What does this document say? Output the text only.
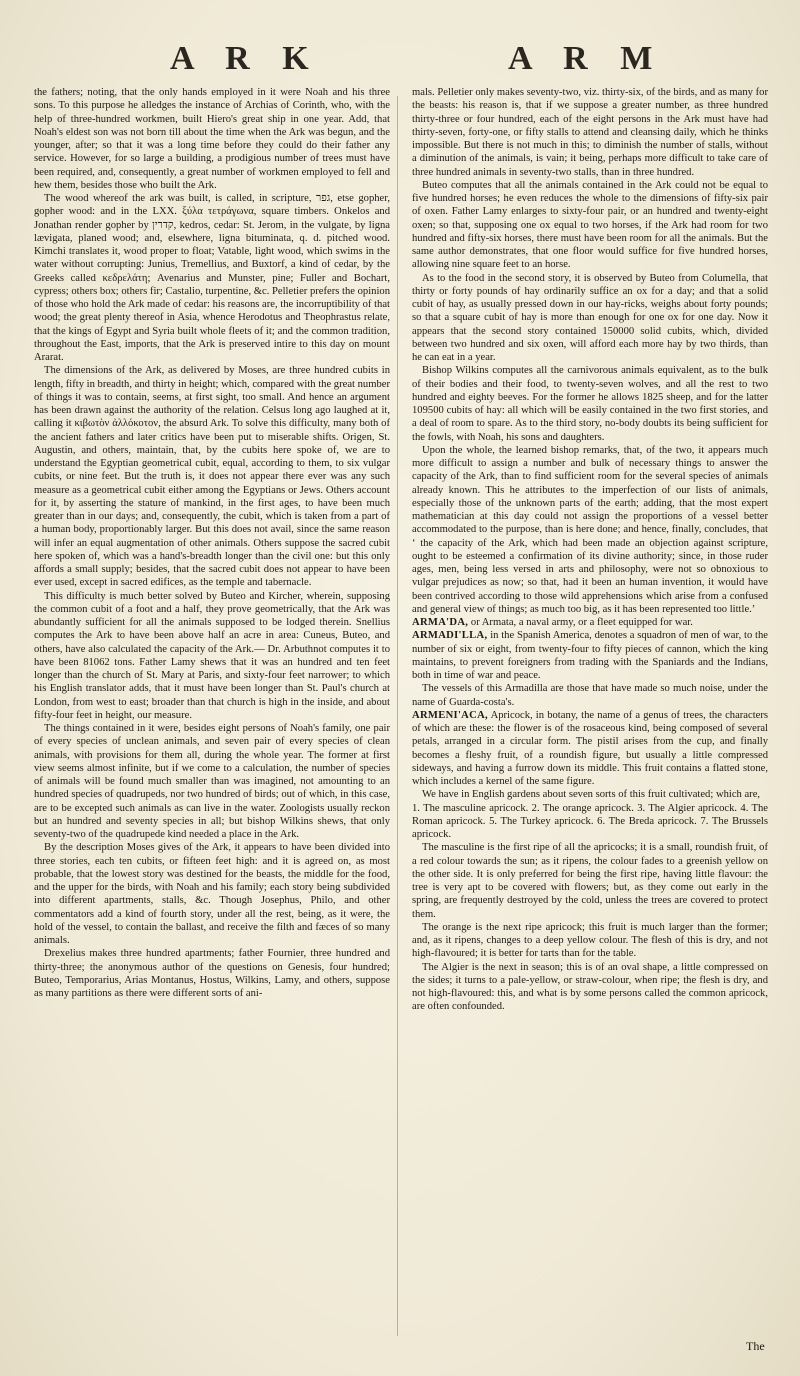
A R K	A R M

the fathers; noting, that the only hands employed in it were Noah and his three sons. To this purpose he alledges the instance of Archias of Corinth, who, with the help of three-hundred workmen, built Hiero's great ship in one year. Add, that Noah's eldest son was not born till about the time when the Ark was begun, and the younger, after; so that it was a long time before they could do their father any service. However, for so large a building, a prodigious number of trees must have been required, and, consequently, a great number of workmen employed to fell and hew them, besides those who built the Ark.

The wood whereof the ark was built, is called, in scripture, גפר, etse gopher, gopher wood: and in the LXX. ξύλα τετράγωνα, square timbers. Onkelos and Jonathan render gopher by קדרין, kedros, cedar: St. Jerom, in the vulgate, by ligna lævigata, planed wood; and, elsewhere, ligna bituminata, q. d. pitched wood. Kimchi translates it, wood proper to float; Vatable, light wood, which swims in the water without corrupting: Junius, Tremellius, and Buxtorf, a kind of cedar, by the Greeks called κεδρελάτη; Avenarius and Munster, pine; Fuller and Bochart, cypress; others box; others fir; Castalio, turpentine, &c. Pelletier prefers the opinion of those who hold the Ark made of cedar: his reasons are, the incorruptibility of that wood; the great plenty thereof in Asia, whence Herodotus and Theophrastus relate, that the kings of Egypt and Syria built whole fleets of it; and the common tradition, throughout the East, imports, that the Ark is preserved intire to this day on mount Ararat.

The dimensions of the Ark, as delivered by Moses, are three hundred cubits in length, fifty in breadth, and thirty in height; which, compared with the great number of things it was to contain, seems, at first sight, too small. And hence an argument has been drawn against the authority of the relation. Celsus long ago laughed at it, calling it κιβωτὸν ἀλλόκοτον, the absurd Ark. To solve this difficulty, many both of the ancient fathers and later critics have been put to miserable shifts. Origen, St. Augustin, and others, maintain, that, by the cubits here spoke of, we are to understand the Egyptian geometrical cubit, equal, according to them, to six vulgar cubits, or nine feet. But the truth is, it does not appear there ever was any such measure as a geometrical cubit either among the Egyptians or Jews. Others account for it, by asserting the stature of mankind, in the first ages, to have been much greater than in our days; and, consequently, the cubit, which is taken from a part of a human body, proportionably larger. But this does not avail, since the same reason will infer an equal augmentation of other animals. Others suppose the sacred cubit here spoken of, which was a hand's-breadth longer than the civil one: but this only affords a small supply; besides, that the sacred cubit does not appear to have been ever used, except in sacred edifices, as the temple and tabernacle.

This difficulty is much better solved by Buteo and Kircher, wherein, supposing the common cubit of a foot and a half, they prove geometrically, that the Ark was abundantly sufficient for all the animals supposed to be lodged therein. Snellius computes the Ark to have been above half an acre in area: Cuneus, Buteo, and others, have also calculated the capacity of the Ark.— Dr. Arbuthnot computes it to have been 81062 tons. Father Lamy shews that it was an hundred and ten feet longer than the church of St. Mary at Paris, and sixty-four feet narrower; to which his English translator adds, that it must have been longer than St. Paul's church at London, from west to east; broader than that church is high in the inside, and about fifty-four feet in height, our measure.

The things contained in it were, besides eight persons of Noah's family, one pair of every species of unclean animals, and seven pair of every species of clean animals, with provisions for them all, during the whole year. The former at first view seems almost infinite, but if we come to a calculation, the number of species of animals will be found much smaller than was imagined, not amounting to an hundred species of quadrupeds, nor two hundred of birds; out of which, in this case, are to be excepted such animals as can live in the water. Zoologists usually reckon but an hundred and seventy species in all; but bishop Wilkins shews, that only seventy-two of the quadrupede kind needed a place in the Ark.

By the description Moses gives of the Ark, it appears to have been divided into three stories, each ten cubits, or fifteen feet high: and it is agreed on, as most probable, that the lowest story was destined for the beasts, the middle for the food, and the upper for the birds, with Noah and his family; each story being subdivided into different apartments, stalls, &c. Though Josephus, Philo, and other commentators add a kind of fourth story, under all the rest, being, as it were, the hold of the vessel, to contain the ballast, and receive the filth and fæces of so many animals.

Drexelius makes three hundred apartments; father Fournier, three hundred and thirty-three; the anonymous author of the questions on Genesis, four hundred; Buteo, Temporarius, Arias Montanus, Hostus, Wilkins, Lamy, and others, suppose as many partitions as there were different sorts of ani-

mals. Pelletier only makes seventy-two, viz. thirty-six, of the birds, and as many for the beasts: his reason is, that if we suppose a greater number, as three hundred thirty-three or four hundred, each of the eight persons in the Ark must have had thirty-seven, forty-one, or fifty stalls to attend and cleansing daily, which he thinks impossible. But there is not much in this; to diminish the number of stalls, without a diminution of the animals, is vain; it being, perhaps more difficult to take care of three hundred animals in seventy-two stalls, than in three hundred.

Buteo computes that all the animals contained in the Ark could not be equal to five hundred horses; he even reduces the whole to the dimensions of fifty-six pair of oxen. Father Lamy enlarges to sixty-four pair, or an hundred and twenty-eight oxen; so that, supposing one ox equal to two horses, if the Ark had room for two hundred and fifty-six horses, there must have been room for all the animals. But the same author demonstrates, that one floor would suffice for five hundred horses, allowing nine square feet to an horse.

As to the food in the second story, it is observed by Buteo from Columella, that thirty or forty pounds of hay ordinarily suffice an ox for a day; and that a solid cubit of hay, as usually pressed down in our hay-ricks, weighs about forty pounds; so that a square cubit of hay is more than enough for one ox for one day. Now it appears that the second story contained 150000 solid cubits, which, divided between two hundred and six oxen, will afford each more hay by two thirds, than he can eat in a year.

Bishop Wilkins computes all the carnivorous animals equivalent, as to the bulk of their bodies and their food, to twenty-seven wolves, and all the rest to two hundred and eighty beeves. For the former he allows 1825 sheep, and for the latter 109500 cubits of hay: all which will be easily contained in the two first stories, and a deal of room to spare. As to the third story, no-body doubts its being sufficient for the fowls, with Noah, his sons and daughters.

Upon the whole, the learned bishop remarks, that, of the two, it appears much more difficult to assign a number and bulk of necessary things to answer the capacity of the Ark, than to find sufficient room for the several species of animals already known. This he attributes to the imperfection of our lists of animals, especially those of the unknown parts of the earth; adding, that the most expert mathematician at this day could not assign the proportions of a vessel better accommodated to the purpose, than is here done; and hence, finally, concludes, that ‘ the capacity of the Ark, which had been made an objection against scripture, ought to be esteemed a confirmation of its divine authority; since, in those ruder ages, men, being less versed in arts and philosophy, were not so obnoxious to vulgar prejudices as now; so that, had it been an human invention, it would have been contrived according to those wild apprehensions which arise from a confused and general view of things; as much too big, as it has been represented too little.’

ARMA'DA, or Armata, a naval army, or a fleet equipped for war.

ARMADI'LLA, in the Spanish America, denotes a squadron of men of war, to the number of six or eight, from twenty-four to fifty pieces of cannon, which the king maintains, to prevent foreigners from trading with the Spaniards and the Indians, both in time of war and peace.

The vessels of this Armadilla are those that have made so much noise, under the name of Guarda-costa's.

ARMENI'ACA, Apricock, in botany, the name of a genus of trees, the characters of which are these: the flower is of the rosaceous kind, being composed of several petals, arranged in a circular form. The pistil arises from the cup, and finally becomes a fleshy fruit, of a roundish figure, but usually a little compressed sideways, and having a furrow down its middle. This fruit contains a flatted stone, which includes a kernel of the same figure.

We have in English gardens about seven sorts of this fruit cultivated; which are,

1. The masculine apricock. 2. The orange apricock. 3. The Algier apricock. 4. The Roman apricock. 5. The Turkey apricock. 6. The Breda apricock. 7. The Brussels apricock.

The masculine is the first ripe of all the apricocks; it is a small, roundish fruit, of a red colour towards the sun; as it ripens, the colour fades to a greenish yellow on the other side. It is only preferred for being the first ripe, having little flavour: the tree is very apt to be covered with flowers; but, as they come out early in the spring, are frequently destroyed by the cold, unless the trees are covered to protect them.

The orange is the next ripe apricock; this fruit is much larger than the former; and, as it ripens, changes to a deep yellow colour. The flesh of this is dry, and not high-flavoured; it is better for tarts than for the table.

The Algier is the next in season; this is of an oval shape, a little compressed on the sides; it turns to a pale-yellow, or straw-colour, when ripe; the flesh is dry, and not high-flavoured: this, and what is by some persons called the common apricock, are often confounded.

The
